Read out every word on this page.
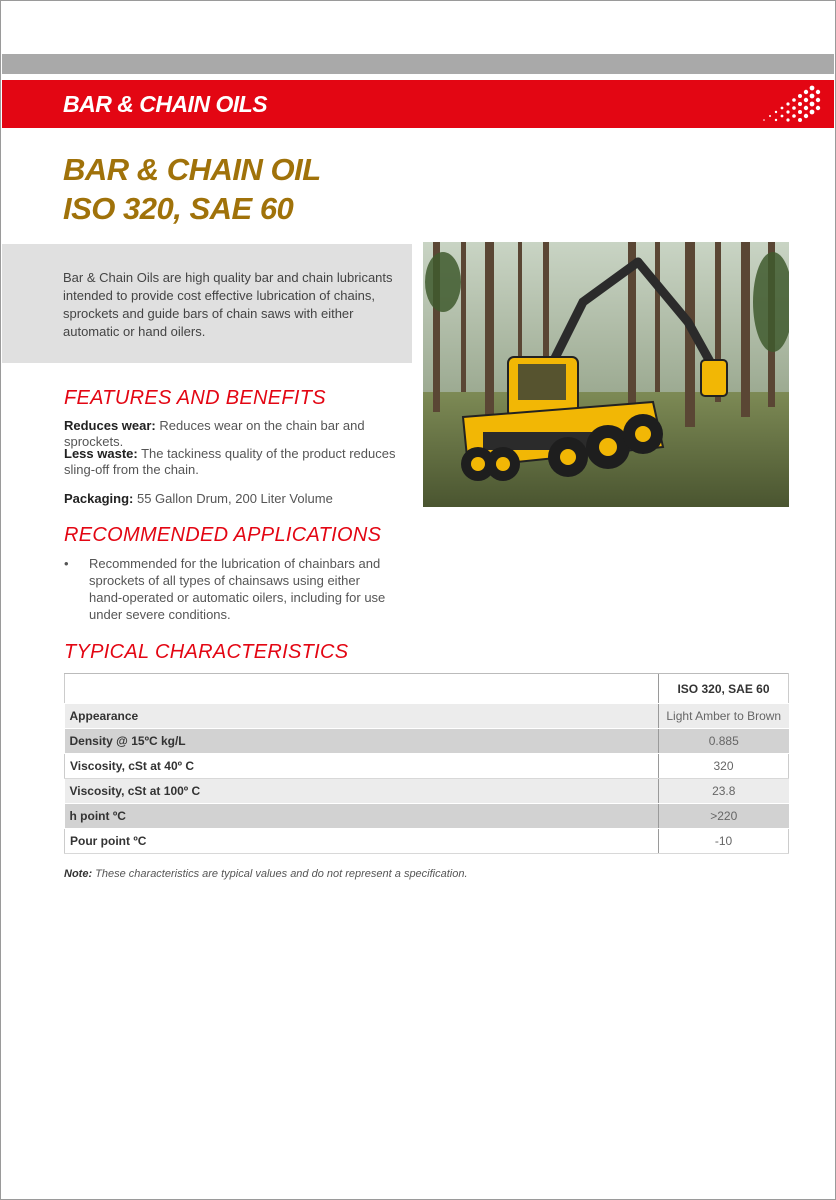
BAR & CHAIN OILS
BAR & CHAIN OIL
ISO 320, SAE 60
Bar & Chain Oils are high quality bar and chain lubricants intended to provide cost effective lubrication of chains, sprockets and guide bars of chain saws with either automatic or hand oilers.
FEATURES AND BENEFITS
Reduces wear: Reduces wear on the chain bar and sprockets.
Less waste: The tackiness quality of the product reduces sling-off from the chain.
Packaging: 55 Gallon Drum, 200 Liter Volume
RECOMMENDED APPLICATIONS
• Recommended for the lubrication of chainbars and sprockets of all types of chainsaws using either hand-operated or automatic oilers, including for use under severe conditions.
TYPICAL CHARACTERISTICS
	ISO 320, SAE 60
Appearance	Light Amber to Brown
Density @ 15ºC kg/L	0.885
Viscosity, cSt at 40º C	320
Viscosity, cSt at 100º C	23.8
h point ºC	>220
Pour point ºC	-10
Note: These characteristics are typical values and do not represent a specification.
